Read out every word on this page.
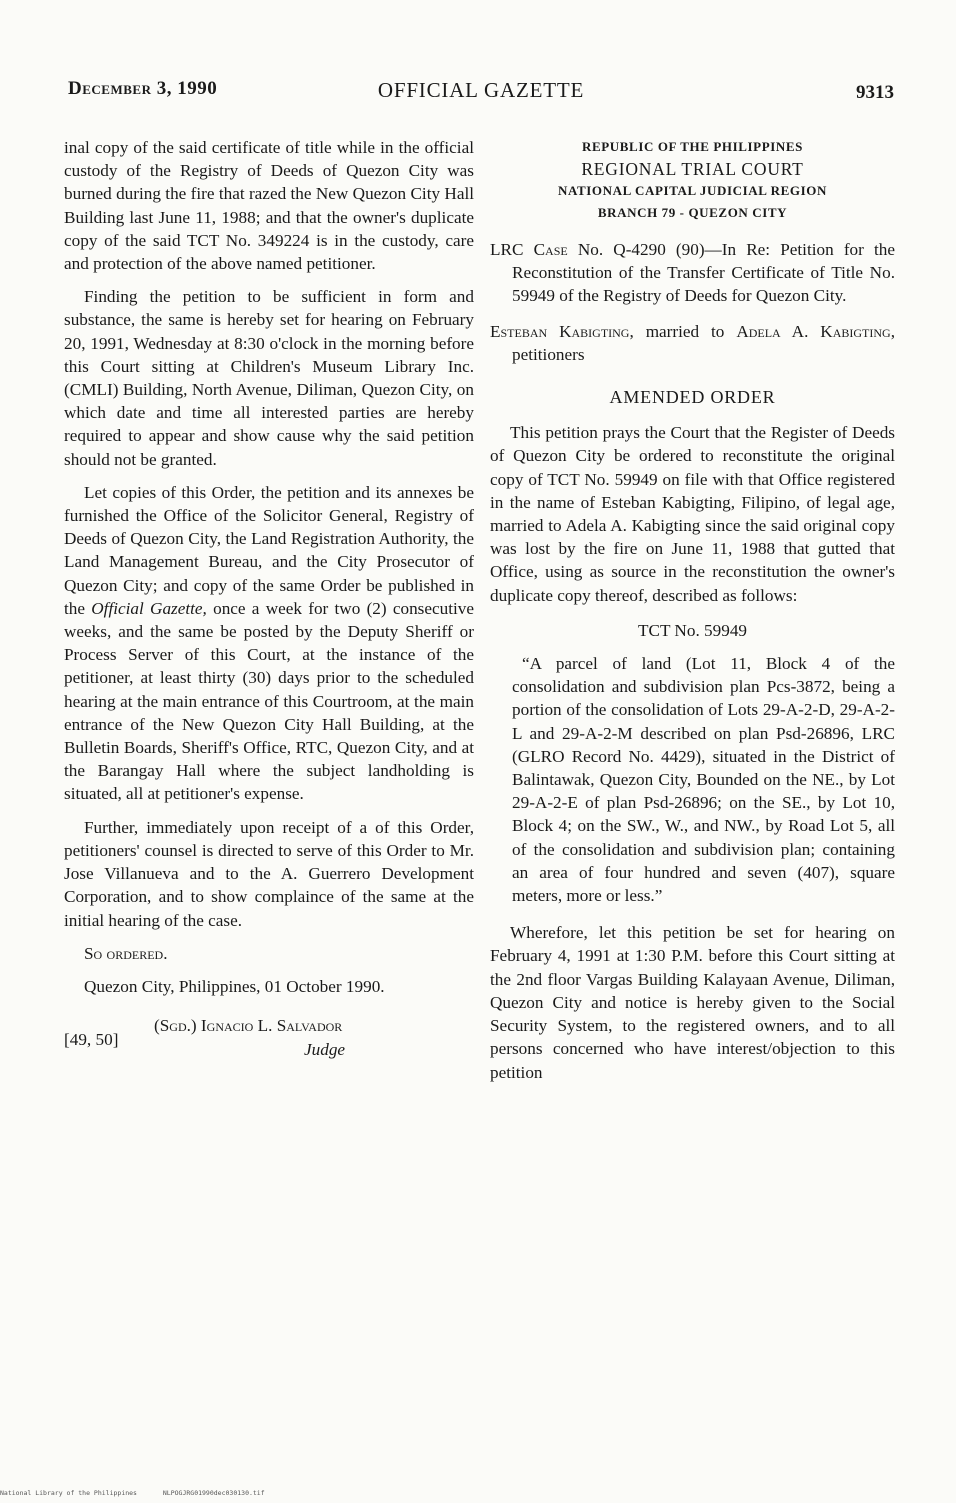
December 3, 1990	OFFICIAL GAZETTE	9313

inal copy of the said certificate of title while in the official custody of the Registry of Deeds of Quezon City was burned during the fire that razed the New Quezon City Hall Building last June 11, 1988; and that the owner's duplicate copy of the said TCT No. 349224 is in the custody, care and protection of the above named petitioner.

Finding the petition to be sufficient in form and substance, the same is hereby set for hearing on February 20, 1991, Wednesday at 8:30 o'clock in the morning before this Court sitting at Children's Museum Library Inc. (CMLI) Building, North Avenue, Diliman, Quezon City, on which date and time all interested parties are hereby required to appear and show cause why the said petition should not be granted.

Let copies of this Order, the petition and its annexes be furnished the Office of the Solicitor General, Registry of Deeds of Quezon City, the Land Registration Authority, the Land Management Bureau, and the City Prosecutor of Quezon City; and copy of the same Order be published in the Official Gazette, once a week for two (2) consecutive weeks, and the same be posted by the Deputy Sheriff or Process Server of this Court, at the instance of the petitioner, at least thirty (30) days prior to the scheduled hearing at the main entrance of this Courtroom, at the main entrance of the New Quezon City Hall Building, at the Bulletin Boards, Sheriff's Office, RTC, Quezon City, and at the Barangay Hall where the subject landholding is situated, all at petitioner's expense.

Further, immediately upon receipt of a of this Order, petitioners' counsel is directed to serve of this Order to Mr. Jose Villanueva and to the A. Guerrero Development Corporation, and to show complaince of the same at the initial hearing of the case.

So ordered.

Quezon City, Philippines, 01 October 1990.

[49, 50]
(Sgd.) Ignacio L. Salvador
Judge
REPUBLIC OF THE PHILIPPINES
REGIONAL TRIAL COURT
NATIONAL CAPITAL JUDICIAL REGION
BRANCH 79 - QUEZON CITY

LRC Case No. Q-4290 (90)—In Re: Petition for the Reconstitution of the Transfer Certificate of Title No. 59949 of the Registry of Deeds for Quezon City.

Esteban Kabigting, married to Adela A. Kabigting, petitioners

AMENDED ORDER

This petition prays the Court that the Register of Deeds of Quezon City be ordered to reconstitute the original copy of TCT No. 59949 on file with that Office registered in the name of Esteban Kabigting, Filipino, of legal age, married to Adela A. Kabigting since the said original copy was lost by the fire on June 11, 1988 that gutted that Office, using as source in the reconstitution the owner's duplicate copy thereof, described as follows:

TCT No. 59949

“A parcel of land (Lot 11, Block 4 of the consolidation and subdivision plan Pcs-3872, being a portion of the consolidation of Lots 29-A-2-D, 29-A-2-L and 29-A-2-M described on plan Psd-26896, LRC (GLRO Record No. 4429), situated in the District of Balintawak, Quezon City, Bounded on the NE., by Lot 29-A-2-E of plan Psd-26896; on the SE., by Lot 10, Block 4; on the SW., W., and NW., by Road Lot 5, all of the consolidation and subdivision plan; containing an area of four hundred and seven (407), square meters, more or less.”

Wherefore, let this petition be set for hearing on February 4, 1991 at 1:30 P.M. before this Court sitting at the 2nd floor Vargas Building Kalayaan Avenue, Diliman, Quezon City and notice is hereby given to the Social Security System, to the registered owners, and to all persons concerned who have interest/objection to this petition

National Library of the Philippines	NLPOGJRG01990dec030130.tif
